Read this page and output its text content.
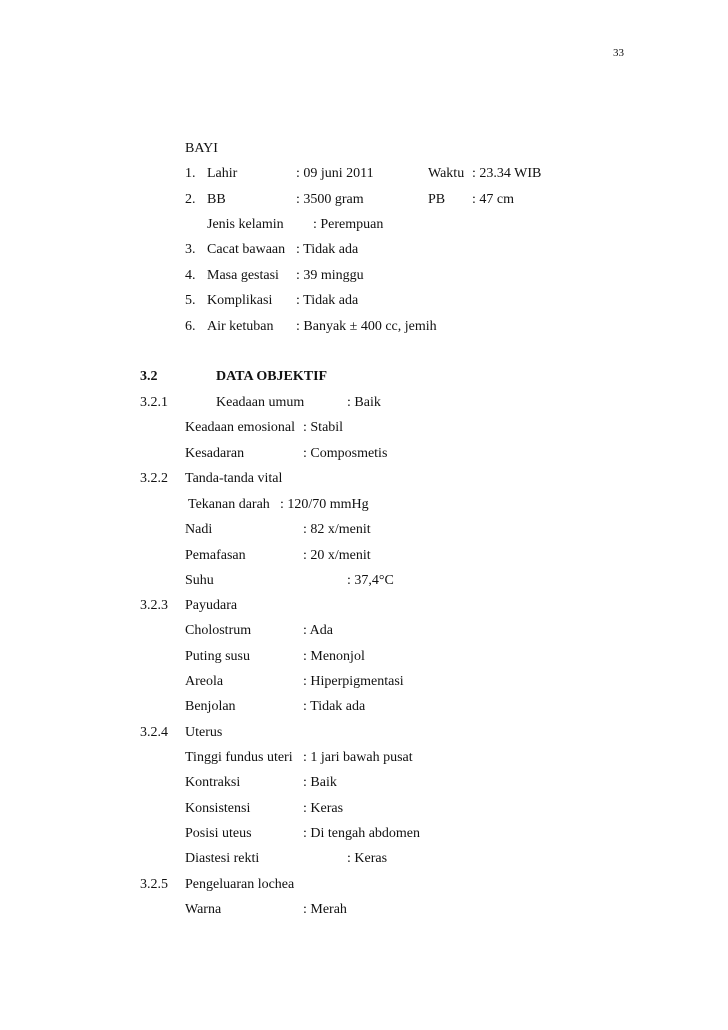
33
BAYI
1. Lahir	: 09 juni 2011	Waktu : 23.34 WIB
2. BB	: 3500 gram	PB : 47 cm
Jenis kelamin : Perempuan
3. Cacat bawaan : Tidak ada
4. Masa gestasi : 39 minggu
5. Komplikasi : Tidak ada
6. Air ketuban : Banyak ± 400 cc, jemih
3.2	DATA OBJEKTIF
3.2.1	Keadaan umum	: Baik
Keadaan emosional : Stabil
Kesadaran	: Composmetis
3.2.2 Tanda-tanda vital
Tekanan darah : 120/70 mmHg
Nadi	: 82 x/menit
Pemafasan	: 20 x/menit
Suhu	: 37,4°C
3.2.3 Payudara
Cholostrum	: Ada
Puting susu	: Menonjol
Areola	: Hiperpigmentasi
Benjolan	: Tidak ada
3.2.4 Uterus
Tinggi fundus uteri : 1 jari bawah pusat
Kontraksi	: Baik
Konsistensi	: Keras
Posisi uteus	: Di tengah abdomen
Diastesi rekti	: Keras
3.2.5 Pengeluaran lochea
Warna	: Merah
